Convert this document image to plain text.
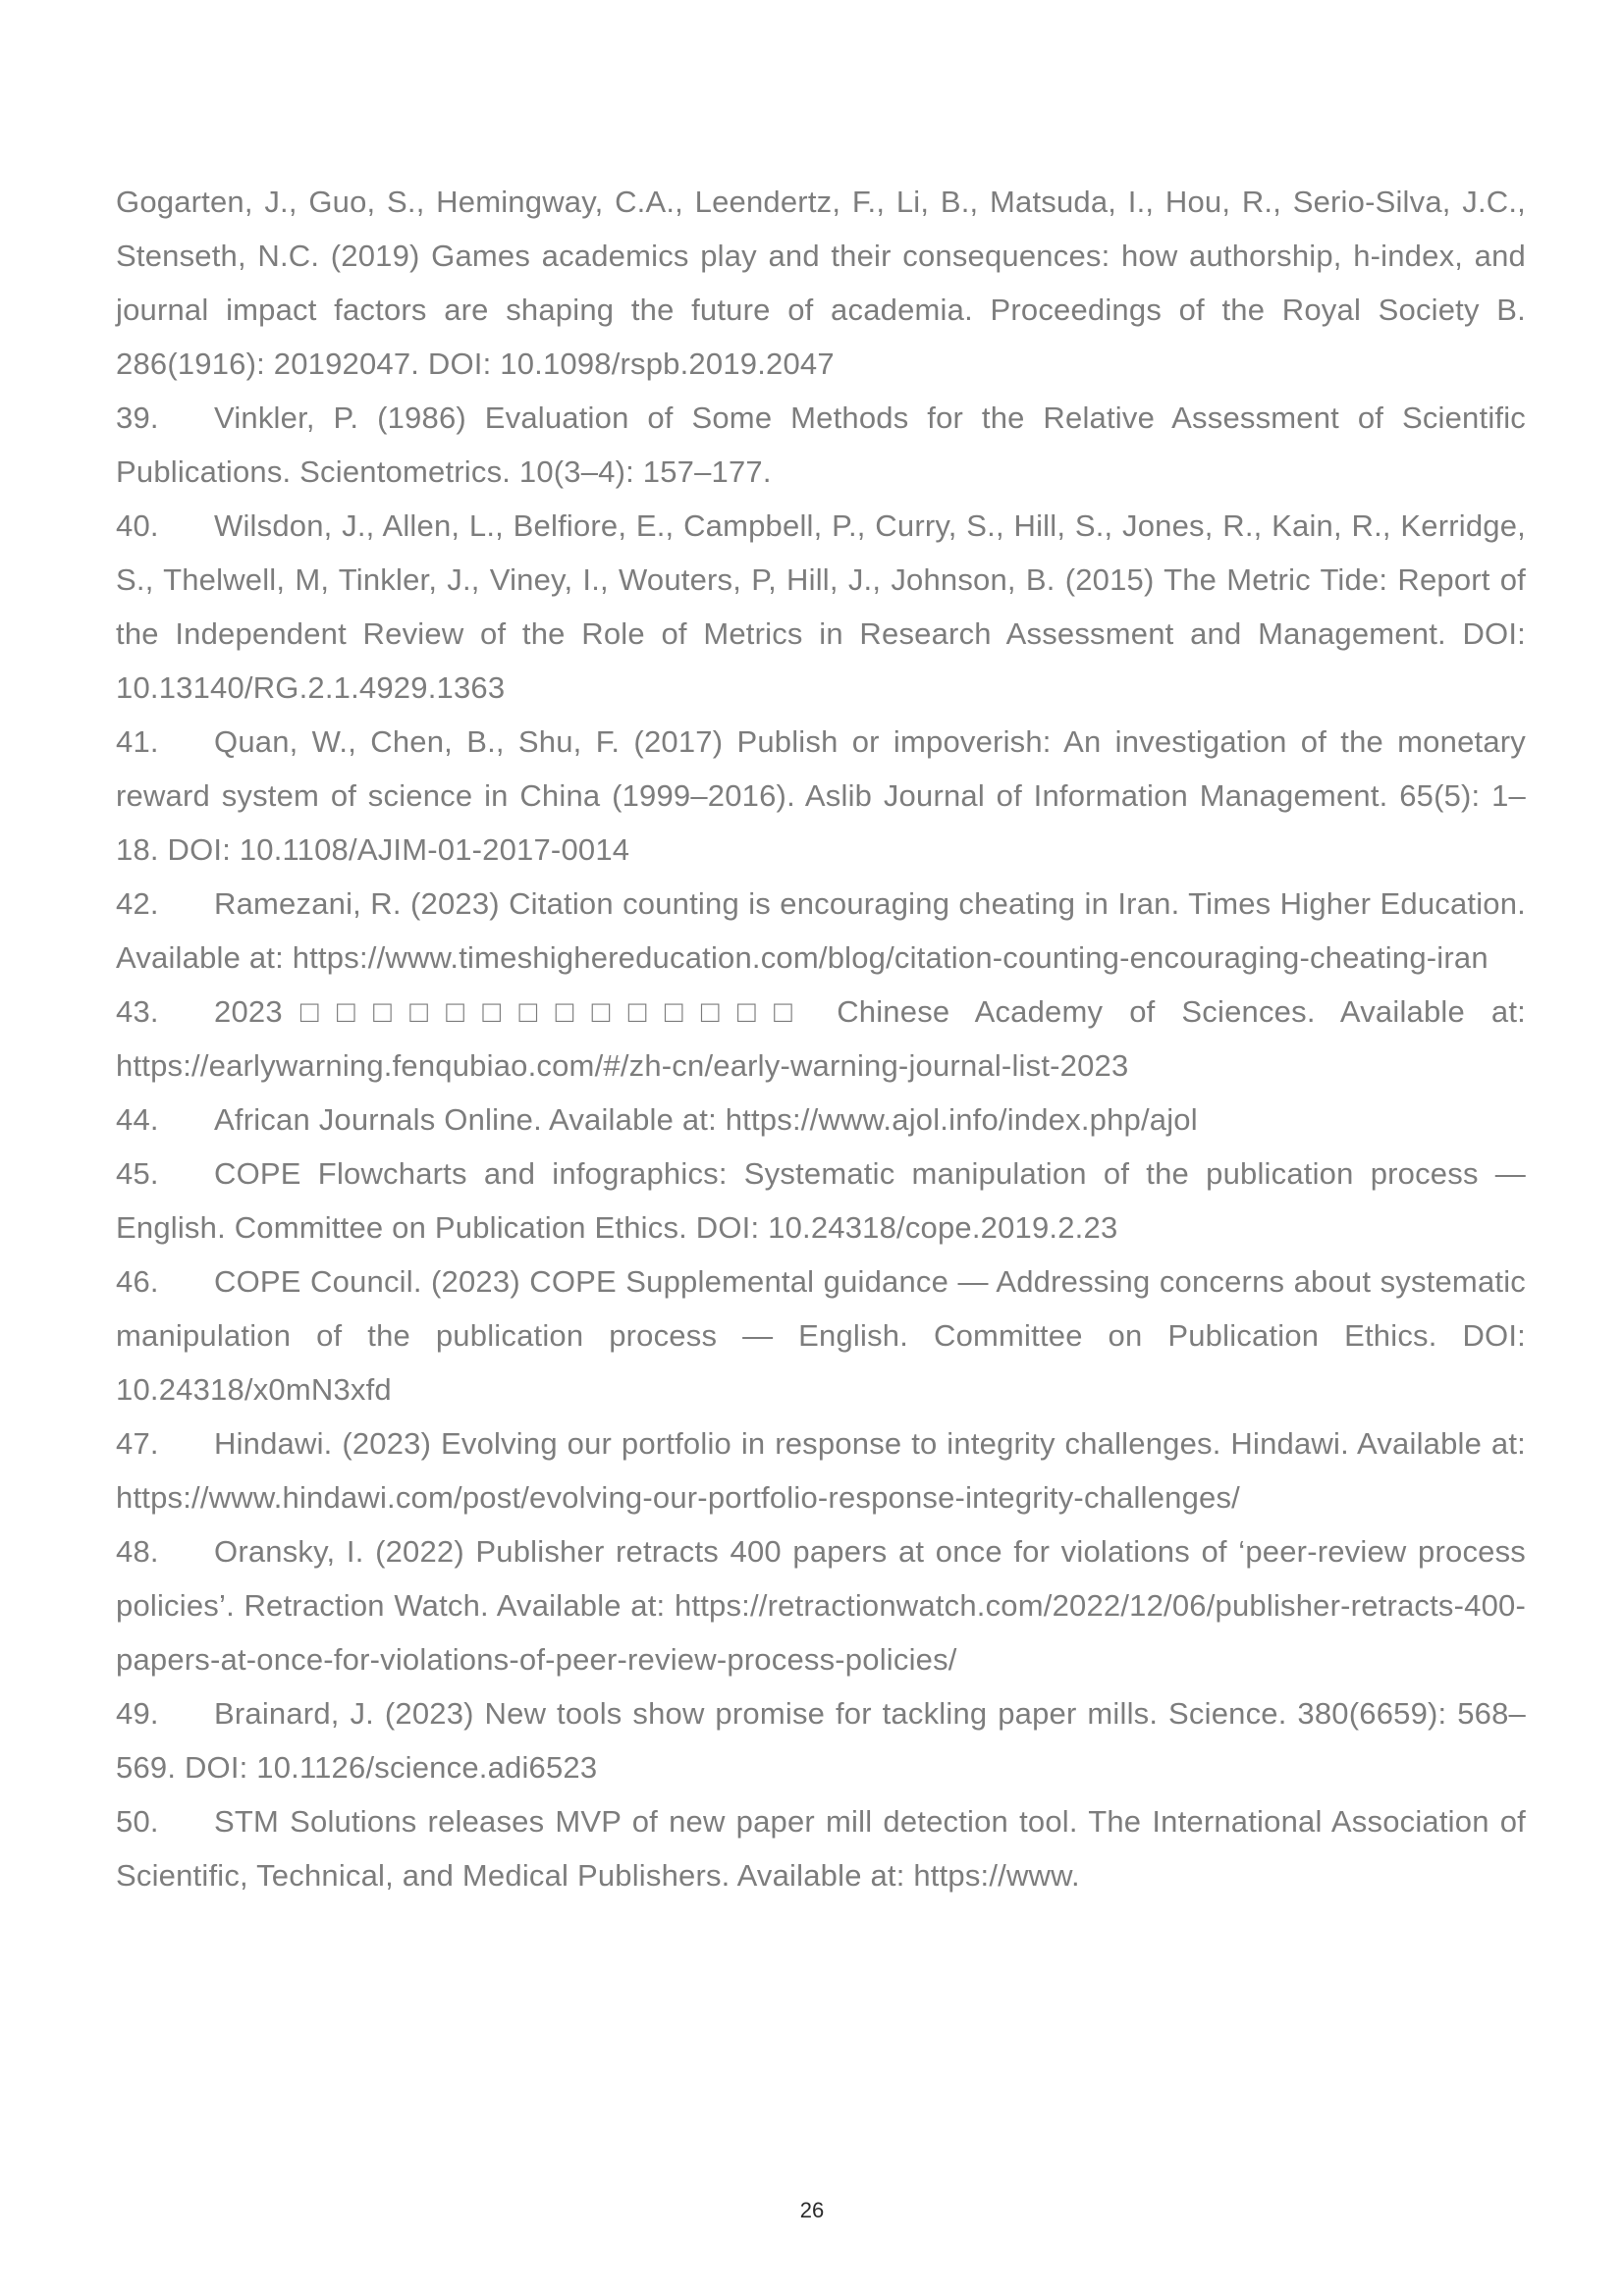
Gogarten, J., Guo, S., Hemingway, C.A., Leendertz, F., Li, B., Matsuda, I., Hou, R., Serio-Silva, J.C., Stenseth, N.C. (2019) Games academics play and their consequences: how authorship, h-index, and journal impact factors are shaping the future of academia. Proceedings of the Royal Society B. 286(1916): 20192047. DOI: 10.1098/rspb.2019.2047

39. Vinkler, P. (1986) Evaluation of Some Methods for the Relative Assessment of Scientific Publications. Scientometrics. 10(3–4): 157–177.

40. Wilsdon, J., Allen, L., Belfiore, E., Campbell, P., Curry, S., Hill, S., Jones, R., Kain, R., Kerridge, S., Thelwell, M, Tinkler, J., Viney, I., Wouters, P, Hill, J., Johnson, B. (2015) The Metric Tide: Report of the Independent Review of the Role of Metrics in Research Assessment and Management. DOI: 10.13140/RG.2.1.4929.1363

41. Quan, W., Chen, B., Shu, F. (2017) Publish or impoverish: An investigation of the monetary reward system of science in China (1999–2016). Aslib Journal of Information Management. 65(5): 1–18. DOI: 10.1108/AJIM-01-2017-0014

42. Ramezani, R. (2023) Citation counting is encouraging cheating in Iran. Times Higher Education. Available at: https://www.timeshighereducation.com/blog/citation-counting-encouraging-cheating-iran

43. 2023□□□□□□□□□□□□□□ Chinese Academy of Sciences. Available at: https://earlywarning.fenqubiao.com/#/zh-cn/early-warning-journal-list-2023

44. African Journals Online. Available at: https://www.ajol.info/index.php/ajol

45. COPE Flowcharts and infographics: Systematic manipulation of the publication process — English. Committee on Publication Ethics. DOI: 10.24318/cope.2019.2.23

46. COPE Council. (2023) COPE Supplemental guidance — Addressing concerns about systematic manipulation of the publication process — English. Committee on Publication Ethics. DOI: 10.24318/x0mN3xfd

47. Hindawi. (2023) Evolving our portfolio in response to integrity challenges. Hindawi. Available at: https://www.hindawi.com/post/evolving-our-portfolio-response-integrity-challenges/

48. Oransky, I. (2022) Publisher retracts 400 papers at once for violations of ‘peer-review process policies’. Retraction Watch. Available at: https://retractionwatch.com/2022/12/06/publisher-retracts-400-papers-at-once-for-violations-of-peer-review-process-policies/

49. Brainard, J. (2023) New tools show promise for tackling paper mills. Science. 380(6659): 568–569. DOI: 10.1126/science.adi6523

50. STM Solutions releases MVP of new paper mill detection tool. The International Association of Scientific, Technical, and Medical Publishers. Available at: https://www.

26
